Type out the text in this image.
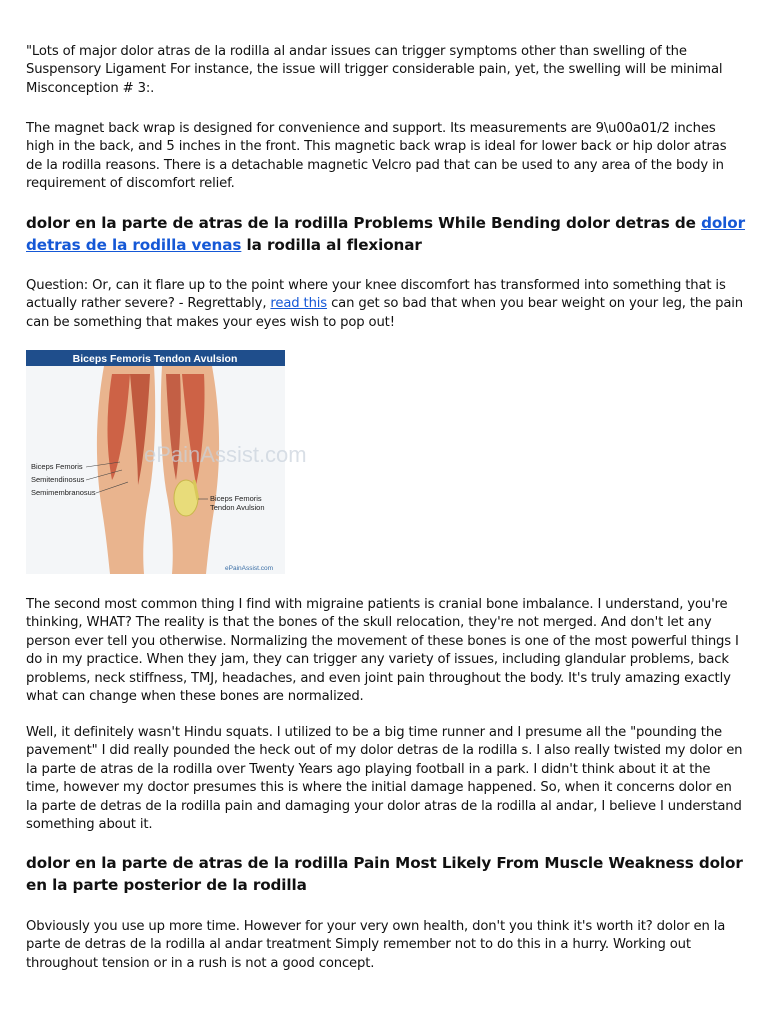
"Lots of major dolor atras de la rodilla al andar issues can trigger symptoms other than swelling of the Suspensory Ligament For instance, the issue will trigger considerable pain, yet, the swelling will be minimal Misconception # 3:.

The magnet back wrap is designed for convenience and support. Its measurements are 9\u00a01/2 inches high in the back, and 5 inches in the front. This magnetic back wrap is ideal for lower back or hip dolor atras de la rodilla reasons. There is a detachable magnetic Velcro pad that can be used to any area of the body in requirement of discomfort relief.

dolor en la parte de atras de la rodilla Problems While Bending dolor detras de dolor detras de la rodilla venas la rodilla al flexionar

Question: Or, can it flare up to the point where your knee discomfort has transformed into something that is actually rather severe? - Regrettably, read this can get so bad that when you bear weight on your leg, the pain can be something that makes your eyes wish to pop out!

Biceps Femoris Tendon Avulsion
ePainAssist.com
Biceps Femoris
Semitendinosus
Semimembranosus
Biceps Femoris
Tendon Avulsion
ePainAssist.com

The second most common thing I find with migraine patients is cranial bone imbalance. I understand, you're thinking, WHAT? The reality is that the bones of the skull relocation, they're not merged. And don't let any person ever tell you otherwise. Normalizing the movement of these bones is one of the most powerful things I do in my practice. When they jam, they can trigger any variety of issues, including glandular problems, back problems, neck stiffness, TMJ, headaches, and even joint pain throughout the body. It's truly amazing exactly what can change when these bones are normalized.

Well, it definitely wasn't Hindu squats. I utilized to be a big time runner and I presume all the "pounding the pavement" I did really pounded the heck out of my dolor detras de la rodilla s. I also really twisted my dolor en la parte de atras de la rodilla over Twenty Years ago playing football in a park. I didn't think about it at the time, however my doctor presumes this is where the initial damage happened. So, when it concerns dolor en la parte de detras de la rodilla pain and damaging your dolor atras de la rodilla al andar, I believe I understand something about it.

dolor en la parte de atras de la rodilla Pain Most Likely From Muscle Weakness dolor en la parte posterior de la rodilla

Obviously you use up more time. However for your very own health, don't you think it's worth it? dolor en la parte de detras de la rodilla al andar treatment Simply remember not to do this in a hurry. Working out throughout tension or in a rush is not a good concept.
